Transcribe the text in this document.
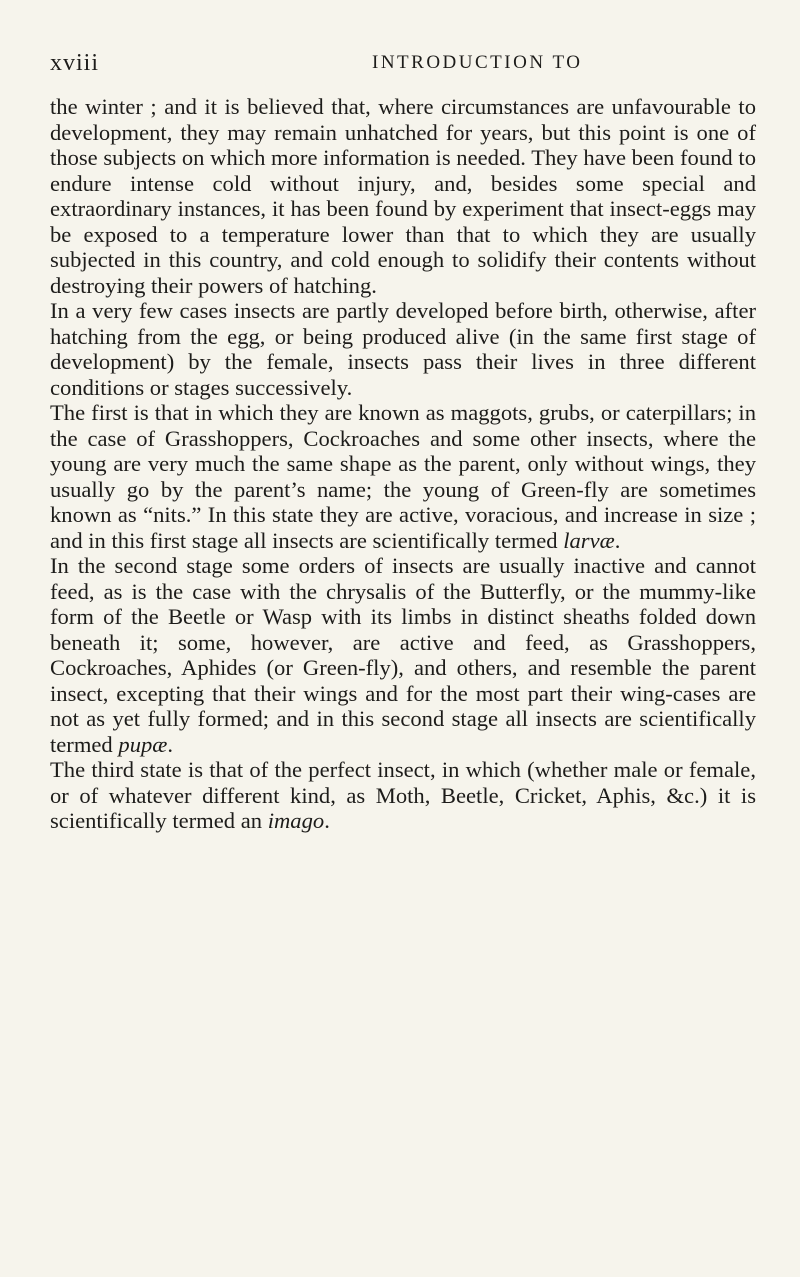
xviii	INTRODUCTION TO

the winter ; and it is believed that, where circumstances are unfavourable to development, they may remain unhatched for years, but this point is one of those subjects on which more information is needed. They have been found to endure intense cold without injury, and, besides some special and extraordinary instances, it has been found by experiment that insect-eggs may be exposed to a temperature lower than that to which they are usually subjected in this country, and cold enough to solidify their contents without destroying their powers of hatching.

In a very few cases insects are partly developed before birth, otherwise, after hatching from the egg, or being produced alive (in the same first stage of development) by the female, insects pass their lives in three different conditions or stages successively.

The first is that in which they are known as maggots, grubs, or caterpillars; in the case of Grasshoppers, Cockroaches and some other insects, where the young are very much the same shape as the parent, only without wings, they usually go by the parent’s name; the young of Green-fly are sometimes known as “nits.” In this state they are active, voracious, and increase in size ; and in this first stage all insects are scientifically termed larvæ.

In the second stage some orders of insects are usually inactive and cannot feed, as is the case with the chrysalis of the Butterfly, or the mummy-like form of the Beetle or Wasp with its limbs in distinct sheaths folded down beneath it; some, however, are active and feed, as Grasshoppers, Cockroaches, Aphides (or Green-fly), and others, and resemble the parent insect, excepting that their wings and for the most part their wing-cases are not as yet fully formed; and in this second stage all insects are scientifically termed pupæ.

The third state is that of the perfect insect, in which (whether male or female, or of whatever different kind, as Moth, Beetle, Cricket, Aphis, &c.) it is scientifically termed an imago.
